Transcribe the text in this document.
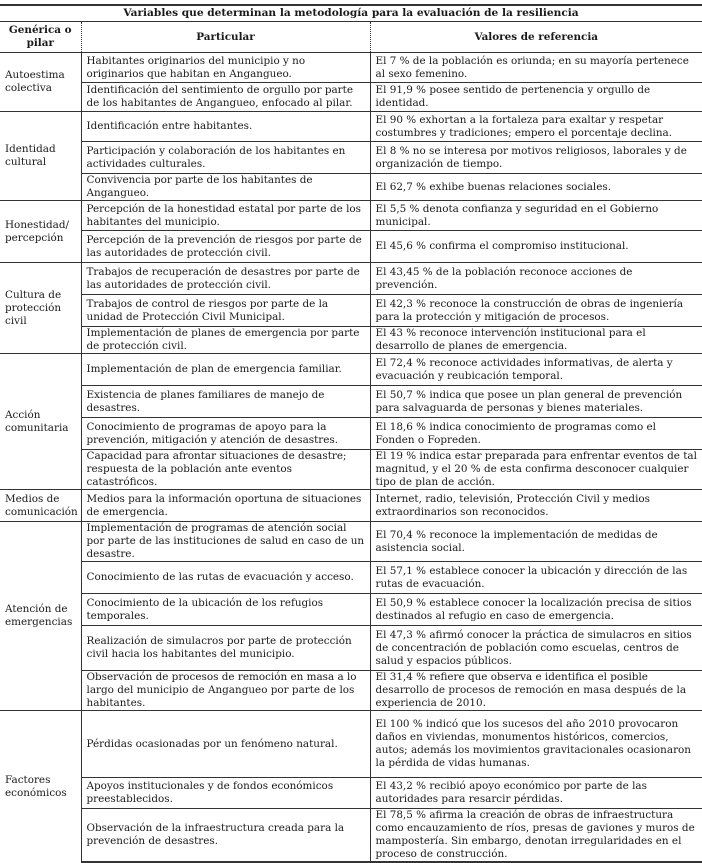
Variables que determinan la metodología para la evaluación de la resiliencia		
Genérica o pilar	Particular	Valores de referencia
Autoestima colectiva	Habitantes originarios del municipio y no originarios que habitan en Angangueo.	El 7 % de la población es oriunda; en su mayoría pertenece al sexo femenino.
	Identificación del sentimiento de orgullo por parte de los habitantes de Angangueo, enfocado al pilar.	El 91,9 % posee sentido de pertenencia y orgullo de identidad.
Identidad cultural	Identificación entre habitantes.	El 90 % exhortan a la fortaleza para exaltar y respetar costumbres y tradiciones; empero el porcentaje declina.
	Participación y colaboración de los habitantes en actividades culturales.	El 8 % no se interesa por motivos religiosos, laborales y de organización de tiempo.
	Convivencia por parte de los habitantes de Angangueo.	El 62,7 % exhibe buenas relaciones sociales.
Honestidad/ percepción	Percepción de la honestidad estatal por parte de los habitantes del municipio.	El 5,5 % denota confianza y seguridad en el Gobierno municipal.
	Percepción de la prevención de riesgos por parte de las autoridades de protección civil.	El 45,6 % confirma el compromiso institucional.
Cultura de protección civil	Trabajos de recuperación de desastres por parte de las autoridades de protección civil.	El 43,45 % de la población reconoce acciones de prevención.
	Trabajos de control de riesgos por parte de la unidad de Protección Civil Municipal.	El 42,3 % reconoce la construcción de obras de ingeniería para la protección y mitigación de procesos.
	Implementación de planes de emergencia por parte de protección civil.	El 43 % reconoce intervención institucional para el desarrollo de planes de emergencia.
Acción comunitaria	Implementación de plan de emergencia familiar.	El 72,4 % reconoce actividades informativas, de alerta y evacuación y reubicación temporal.
	Existencia de planes familiares de manejo de desastres.	El 50,7 % indica que posee un plan general de prevención para salvaguarda de personas y bienes materiales.
	Conocimiento de programas de apoyo para la prevención, mitigación y atención de desastres.	El 18,6 % indica conocimiento de programas como el Fonden o Fopreden.
	Capacidad para afrontar situaciones de desastre; respuesta de la población ante eventos catastróficos.	El 19 % indica estar preparada para enfrentar eventos de tal magnitud, y el 20 % de esta confirma desconocer cualquier tipo de plan de acción.
Medios de comunicación	Medios para la información oportuna de situaciones de emergencia.	Internet, radio, televisión, Protección Civil y medios extraordinarios son reconocidos.
Atención de emergencias	Implementación de programas de atención social por parte de las instituciones de salud en caso de un desastre.	El 70,4 % reconoce la implementación de medidas de asistencia social.
	Conocimiento de las rutas de evacuación y acceso.	El 57,1 % establece conocer la ubicación y dirección de las rutas de evacuación.
	Conocimiento de la ubicación de los refugios temporales.	El 50,9 % establece conocer la localización precisa de sitios destinados al refugio en caso de emergencia.
	Realización de simulacros por parte de protección civil hacia los habitantes del municipio.	El 47,3 % afirmó conocer la práctica de simulacros en sitios de concentración de población como escuelas, centros de salud y espacios públicos.
	Observación de procesos de remoción en masa a lo largo del municipio de Angangueo por parte de los habitantes.	El 31,4 % refiere que observa e identifica el posible desarrollo de procesos de remoción en masa después de la experiencia de 2010.
Factores económicos	Pérdidas ocasionadas por un fenómeno natural.	El 100 % indicó que los sucesos del año 2010 provocaron daños en viviendas, monumentos históricos, comercios, autos; además los movimientos gravitacionales ocasionaron la pérdida de vidas humanas.
	Apoyos institucionales y de fondos económicos preestablecidos.	El 43,2 % recibió apoyo económico por parte de las autoridades para resarcir pérdidas.
	Observación de la infraestructura creada para la prevención de desastres.	El 78,5 % afirma la creación de obras de infraestructura como encauzamiento de ríos, presas de gaviones y muros de mampostería. Sin embargo, denotan irregularidades en el proceso de construcción.
